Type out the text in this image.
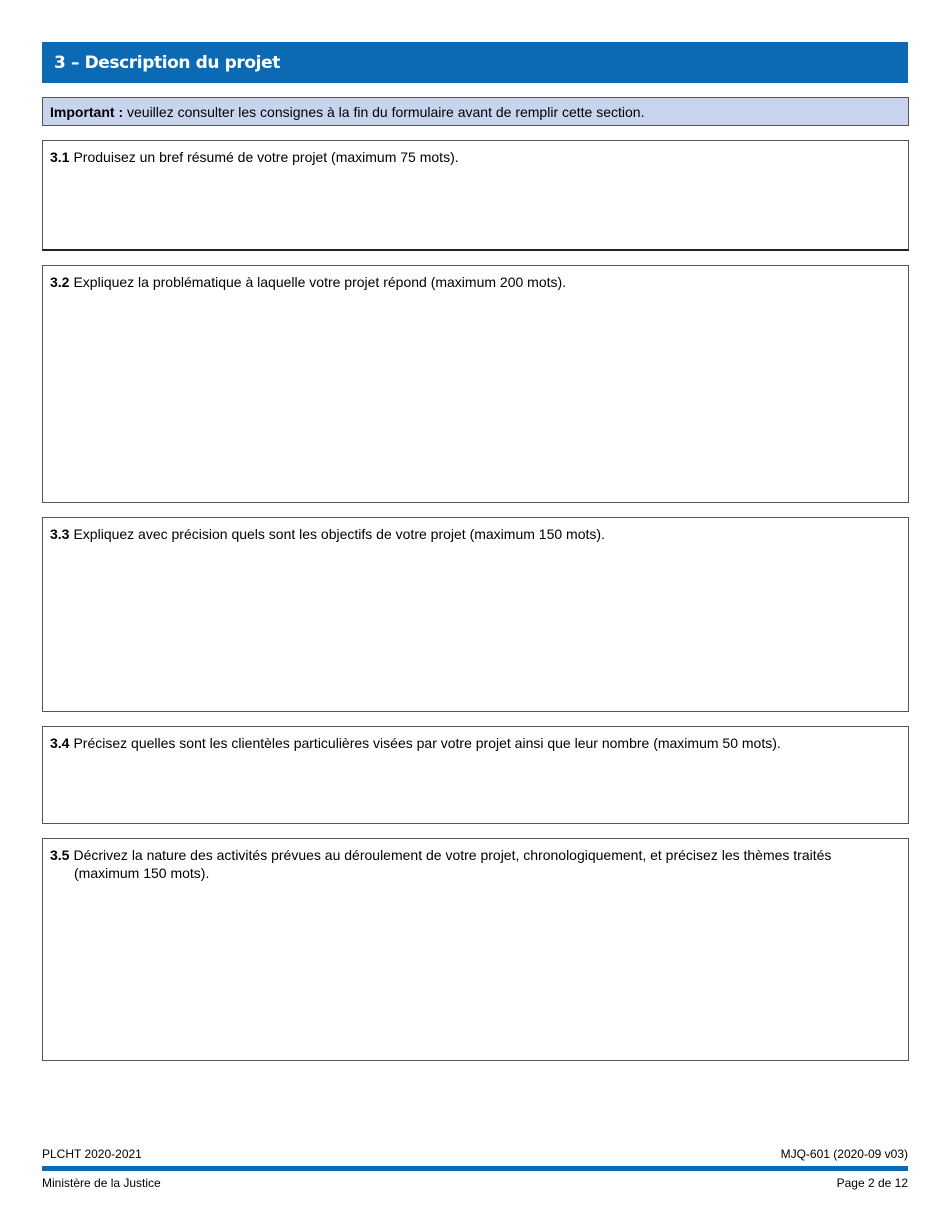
3 – Description du projet
Important : veuillez consulter les consignes à la fin du formulaire avant de remplir cette section.
3.1 Produisez un bref résumé de votre projet (maximum 75 mots).
3.2 Expliquez la problématique à laquelle votre projet répond (maximum 200 mots).
3.3 Expliquez avec précision quels sont les objectifs de votre projet (maximum 150 mots).
3.4 Précisez quelles sont les clientèles particulières visées par votre projet ainsi que leur nombre (maximum 50 mots).
3.5 Décrivez la nature des activités prévues au déroulement de votre projet, chronologiquement, et précisez les thèmes traités
(maximum 150 mots).
PLCHT 2020-2021	MJQ-601 (2020-09 v03)
Ministère de la Justice	Page 2 de 12
